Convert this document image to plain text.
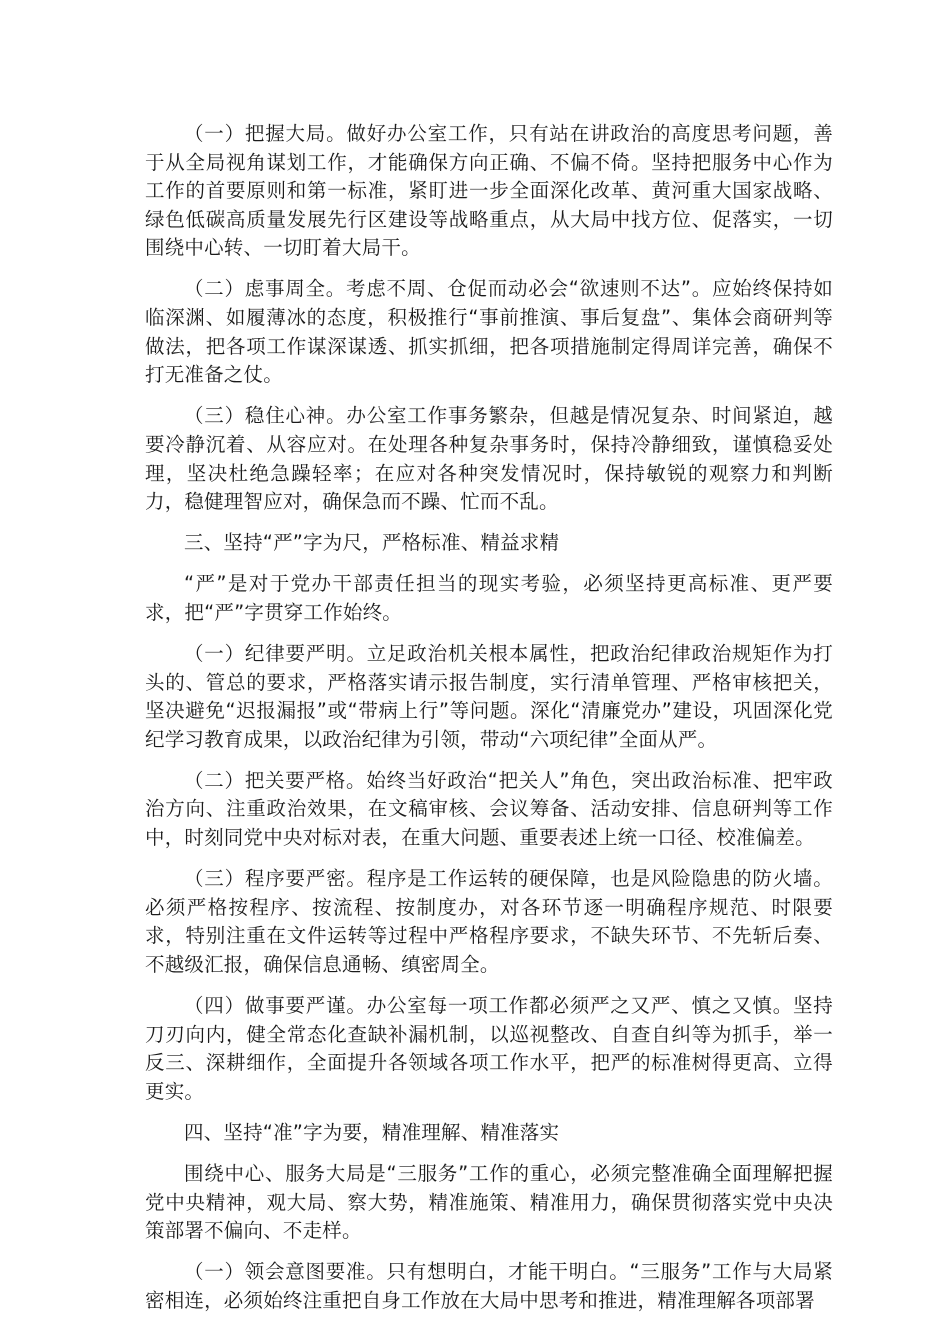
（一）把握大局。做好办公室工作，只有站在讲政治的高度思考问题，善于从全局视角谋划工作，才能确保方向正确、不偏不倚。坚持把服务中心作为工作的首要原则和第一标准，紧盯进一步全面深化改革、黄河重大国家战略、绿色低碳高质量发展先行区建设等战略重点，从大局中找方位、促落实，一切围绕中心转、一切盯着大局干。

（二）虑事周全。考虑不周、仓促而动必会“欲速则不达”。应始终保持如临深渊、如履薄冰的态度，积极推行“事前推演、事后复盘”、集体会商研判等做法，把各项工作谋深谋透、抓实抓细，把各项措施制定得周详完善，确保不打无准备之仗。

（三）稳住心神。办公室工作事务繁杂，但越是情况复杂、时间紧迫，越要冷静沉着、从容应对。在处理各种复杂事务时，保持冷静细致，谨慎稳妥处理，坚决杜绝急躁轻率；在应对各种突发情况时，保持敏锐的观察力和判断力，稳健理智应对，确保急而不躁、忙而不乱。

三、坚持“严”字为尺，严格标准、精益求精

“严”是对于党办干部责任担当的现实考验，必须坚持更高标准、更严要求，把“严”字贯穿工作始终。

（一）纪律要严明。立足政治机关根本属性，把政治纪律政治规矩作为打头的、管总的要求，严格落实请示报告制度，实行清单管理、严格审核把关，坚决避免“迟报漏报”或“带病上行”等问题。深化“清廉党办”建设，巩固深化党纪学习教育成果，以政治纪律为引领，带动“六项纪律”全面从严。

（二）把关要严格。始终当好政治“把关人”角色，突出政治标准、把牢政治方向、注重政治效果，在文稿审核、会议筹备、活动安排、信息研判等工作中，时刻同党中央对标对表，在重大问题、重要表述上统一口径、校准偏差。

（三）程序要严密。程序是工作运转的硬保障，也是风险隐患的防火墙。必须严格按程序、按流程、按制度办，对各环节逐一明确程序规范、时限要求，特别注重在文件运转等过程中严格程序要求，不缺失环节、不先斩后奏、不越级汇报，确保信息通畅、缜密周全。

（四）做事要严谨。办公室每一项工作都必须严之又严、慎之又慎。坚持刀刃向内，健全常态化查缺补漏机制，以巡视整改、自查自纠等为抓手，举一反三、深耕细作，全面提升各领域各项工作水平，把严的标准树得更高、立得更实。

四、坚持“准”字为要，精准理解、精准落实

围绕中心、服务大局是“三服务”工作的重心，必须完整准确全面理解把握党中央精神，观大局、察大势，精准施策、精准用力，确保贯彻落实党中央决策部署不偏向、不走样。

（一）领会意图要准。只有想明白，才能干明白。“三服务”工作与大局紧密相连，必须始终注重把自身工作放在大局中思考和推进，精准理解各项部署
